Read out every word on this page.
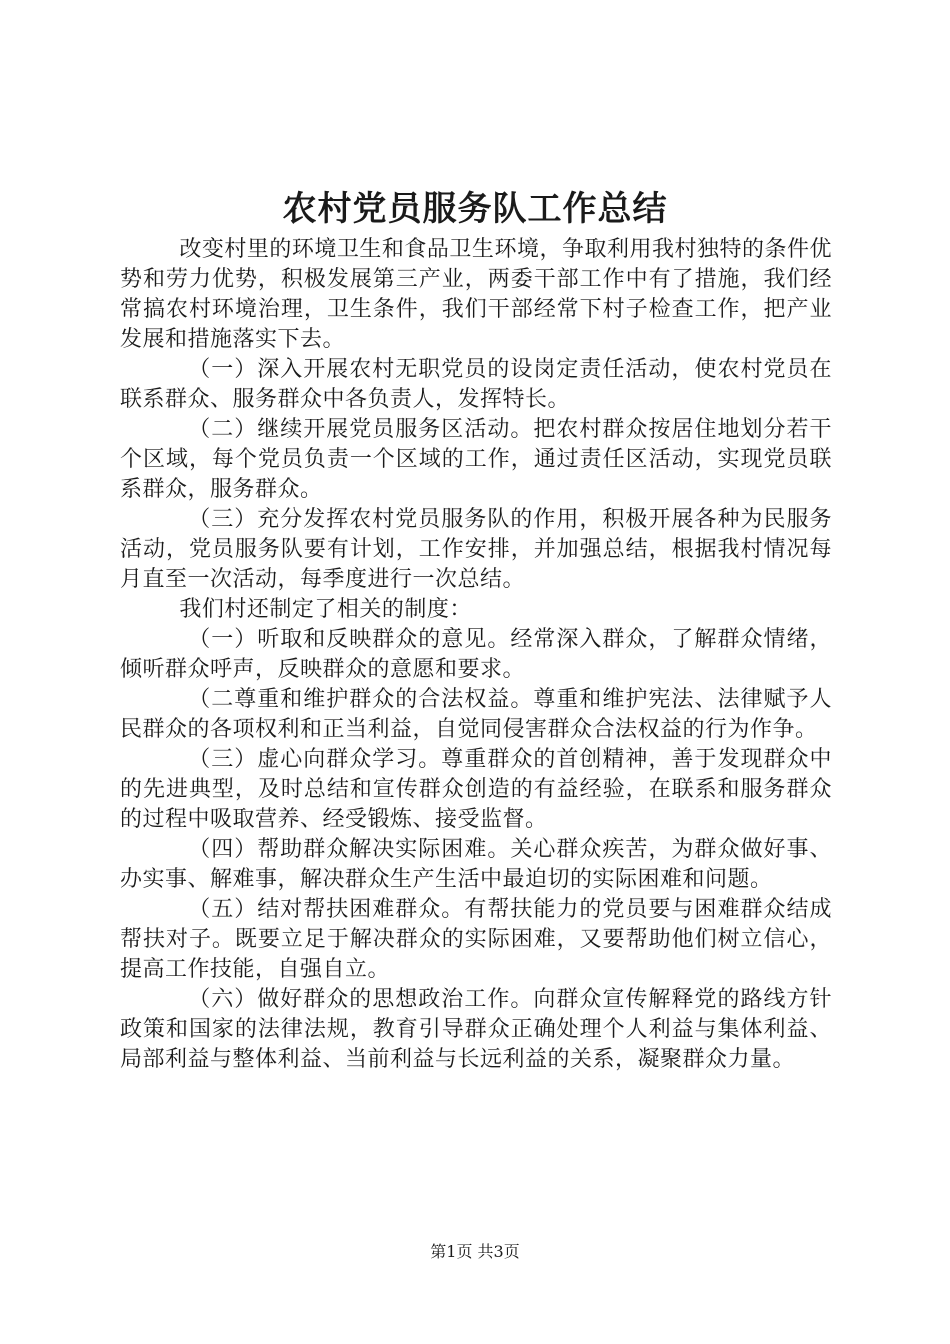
农村党员服务队工作总结

改变村里的环境卫生和食品卫生环境，争取利用我村独特的条件优势和劳力优势，积极发展第三产业，两委干部工作中有了措施，我们经常搞农村环境治理，卫生条件，我们干部经常下村子检查工作，把产业发展和措施落实下去。

（一）深入开展农村无职党员的设岗定责任活动，使农村党员在联系群众、服务群众中各负责人，发挥特长。

（二）继续开展党员服务区活动。把农村群众按居住地划分若干个区域，每个党员负责一个区域的工作，通过责任区活动，实现党员联系群众，服务群众。

（三）充分发挥农村党员服务队的作用，积极开展各种为民服务活动，党员服务队要有计划，工作安排，并加强总结，根据我村情况每月直至一次活动，每季度进行一次总结。

我们村还制定了相关的制度：

（一）听取和反映群众的意见。经常深入群众，了解群众情绪，倾听群众呼声，反映群众的意愿和要求。

（二尊重和维护群众的合法权益。尊重和维护宪法、法律赋予人民群众的各项权利和正当利益，自觉同侵害群众合法权益的行为作争。

（三）虚心向群众学习。尊重群众的首创精神，善于发现群众中的先进典型，及时总结和宣传群众创造的有益经验，在联系和服务群众的过程中吸取营养、经受锻炼、接受监督。

（四）帮助群众解决实际困难。关心群众疾苦，为群众做好事、办实事、解难事，解决群众生产生活中最迫切的实际困难和问题。

（五）结对帮扶困难群众。有帮扶能力的党员要与困难群众结成帮扶对子。既要立足于解决群众的实际困难，又要帮助他们树立信心，提高工作技能，自强自立。

（六）做好群众的思想政治工作。向群众宣传解释党的路线方针政策和国家的法律法规，教育引导群众正确处理个人利益与集体利益、局部利益与整体利益、当前利益与长远利益的关系，凝聚群众力量。

第1页 共3页
